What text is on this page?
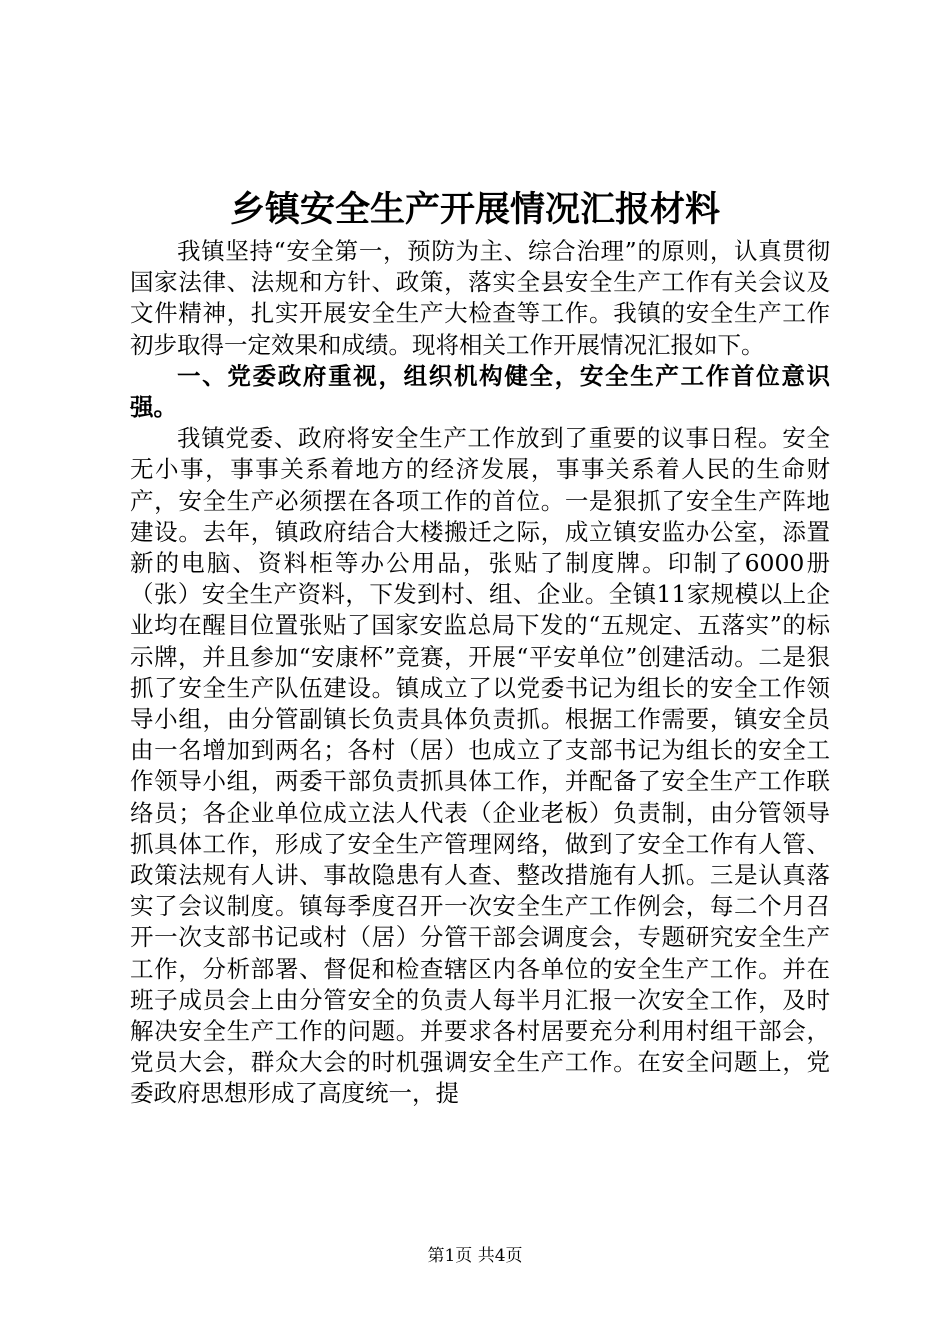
乡镇安全生产开展情况汇报材料

我镇坚持“安全第一，预防为主、综合治理”的原则，认真贯彻国家法律、法规和方针、政策，落实全县安全生产工作有关会议及文件精神，扎实开展安全生产大检查等工作。我镇的安全生产工作初步取得一定效果和成绩。现将相关工作开展情况汇报如下。

一、党委政府重视，组织机构健全，安全生产工作首位意识强。

我镇党委、政府将安全生产工作放到了重要的议事日程。安全无小事，事事关系着地方的经济发展，事事关系着人民的生命财产，安全生产必须摆在各项工作的首位。一是狠抓了安全生产阵地建设。去年，镇政府结合大楼搬迁之际，成立镇安监办公室，添置新的电脑、资料柜等办公用品，张贴了制度牌。印制了6000册（张）安全生产资料，下发到村、组、企业。全镇11家规模以上企业均在醒目位置张贴了国家安监总局下发的“五规定、五落实”的标示牌，并且参加“安康杯”竞赛，开展“平安单位”创建活动。二是狠抓了安全生产队伍建设。镇成立了以党委书记为组长的安全工作领导小组，由分管副镇长负责具体负责抓。根据工作需要，镇安全员由一名增加到两名；各村（居）也成立了支部书记为组长的安全工作领导小组，两委干部负责抓具体工作，并配备了安全生产工作联络员；各企业单位成立法人代表（企业老板）负责制，由分管领导抓具体工作，形成了安全生产管理网络，做到了安全工作有人管、政策法规有人讲、事故隐患有人查、整改措施有人抓。三是认真落实了会议制度。镇每季度召开一次安全生产工作例会，每二个月召开一次支部书记或村（居）分管干部会调度会，专题研究安全生产工作，分析部署、督促和检查辖区内各单位的安全生产工作。并在班子成员会上由分管安全的负责人每半月汇报一次安全工作，及时解决安全生产工作的问题。并要求各村居要充分利用村组干部会，党员大会，群众大会的时机强调安全生产工作。在安全问题上，党委政府思想形成了高度统一，提

第1页 共4页
